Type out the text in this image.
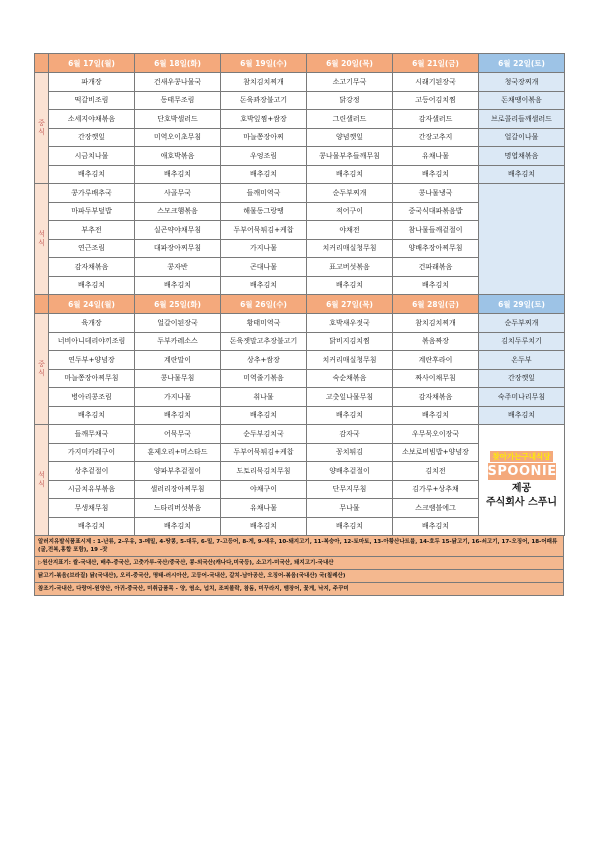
	6월 17일(월)	6월 18일(화)	6월 19일(수)	6월 20일(목)	6월 21일(금)	6월 22일(토)

중
식	파개장	건새우콩나물국	참치김치찌개	소고기무국	시래기된장국	청국장찌개
	떡갈비조림	동태무조림	돈육꽈장불고기	닭강정	고등어김치찜	돈채땡이볶음
	소세지야채볶음	단호박샐러드	호박잎찜+쌈장	그린샐러드	감자샐러드	브로콜리들깨샐러드
	간장깻잎	미역오이초무침	마늘쫑장아찌	양념깻잎	간장고추지	얼갈이나물
	시금치나물	애호박볶음	우엉조림	콩나물부추들깨무침	유채나물	명엽채볶음
	배추김치	배추김치	배추김치	배추김치	배추김치	배추김치

석
식	콩가루배추국	사골무국	들깨미역국	순두부찌개	콩나물냉국	
	마파두부덮밥	스모크햄볶음	해물동그랑땡	적어구이	중국식대파볶음밥	
	부추전	실곤약야채무침	두부어묵튀김+케찹	야채전	참나물들깨겉절이	
	연근조림	대파장아찌무침	가지나물	치커리매실청무침	양배추장아찌무침	
	감자채볶음	콩자반	곤대나물	표고버섯볶음	건파래볶음	
	배추김치	배추김치	배추김치	배추김치	배추김치	
	6월 24일(월)	6월 25일(화)	6월 26일(수)	6월 27일(목)	6월 28일(금)	6월 29일(토)

중
식	육개장	얼갈이된장국	황태미역국	호박새우젓국	참치김치찌개	순두부찌개
	너비아니데리야끼조림	두부카레소스	돈육잿말고추장불고기	닭비지김치찜	볶음짜장	김치두루치기
	연두부+양념장	계란말이	상추+쌈장	치커리매실청무침	계란후라이	온두부
	마늘쫑장아찌무침	콩나물무침	미역줄기볶음	숙순채볶음	짜사이채무침	간장깻잎
	병아리콩조림	가지나물	취나물	고춧잎나물무침	감자채볶음	숙주미나리무침
	배추김치	배추김치	배추김치	배추김치	배추김치	배추김치

석
식	들깨무채국	어묵무국	순두부김치국	감자국	우무묵오이장국	찾아가는구내식당
SPOONIE
제공
주식회사 스푸니

	가지미카레구이	훈제오리+머스타드	두부어묵튀김+케찹	꽁치튀김	소보로비빔밥+양념장	
	상추겉절이	양파부추겉절이	도토리묵김치무침	양배추겉절이	김치전	
	시금치유부볶음	샐러리장아찌무침	야채구이	단무지무침	김가루+상추채	
	무생채무침	느타리버섯볶음	유채나물	무나물	스크램블에그	
	배추김치	배추김치	배추김치	배추김치	배추김치	
알러지유발식품표시제 : 1-난류, 2-우유, 3-메밀, 4-땅콩, 5-대두, 6-밀, 7-고등어, 8-게, 9-새우, 10-돼지고기, 11-복숭아, 12-토마토, 13-아황산나트륨, 14-호두 15-닭고기, 16-쇠고기, 17-오징어, 18-어패류 (굴,전복,홍합 포함), 19 -잣
▷원산지표기: 쌀-국내산, 배추-중국산, 고춧가루-국산/중국산, 콩-외국산(캐나다,미국등), 소고기-미국산, 돼지고기-국내산
닭고기-볶음(브라질) 닭(국내산), 오리-중국산, 명태-러시아산, 고등어-국내산, 갈치-남아공산, 오징어-볶음(국내산) 국(칠레산)
참조기-국내산, 다랑어-원양산, 아귀-중국산, 미취급품목 - 양, 염소, 넙치, 조피볼락, 참돔, 미꾸라지, 뱀장어, 꽃게, 낙지, 주꾸미
